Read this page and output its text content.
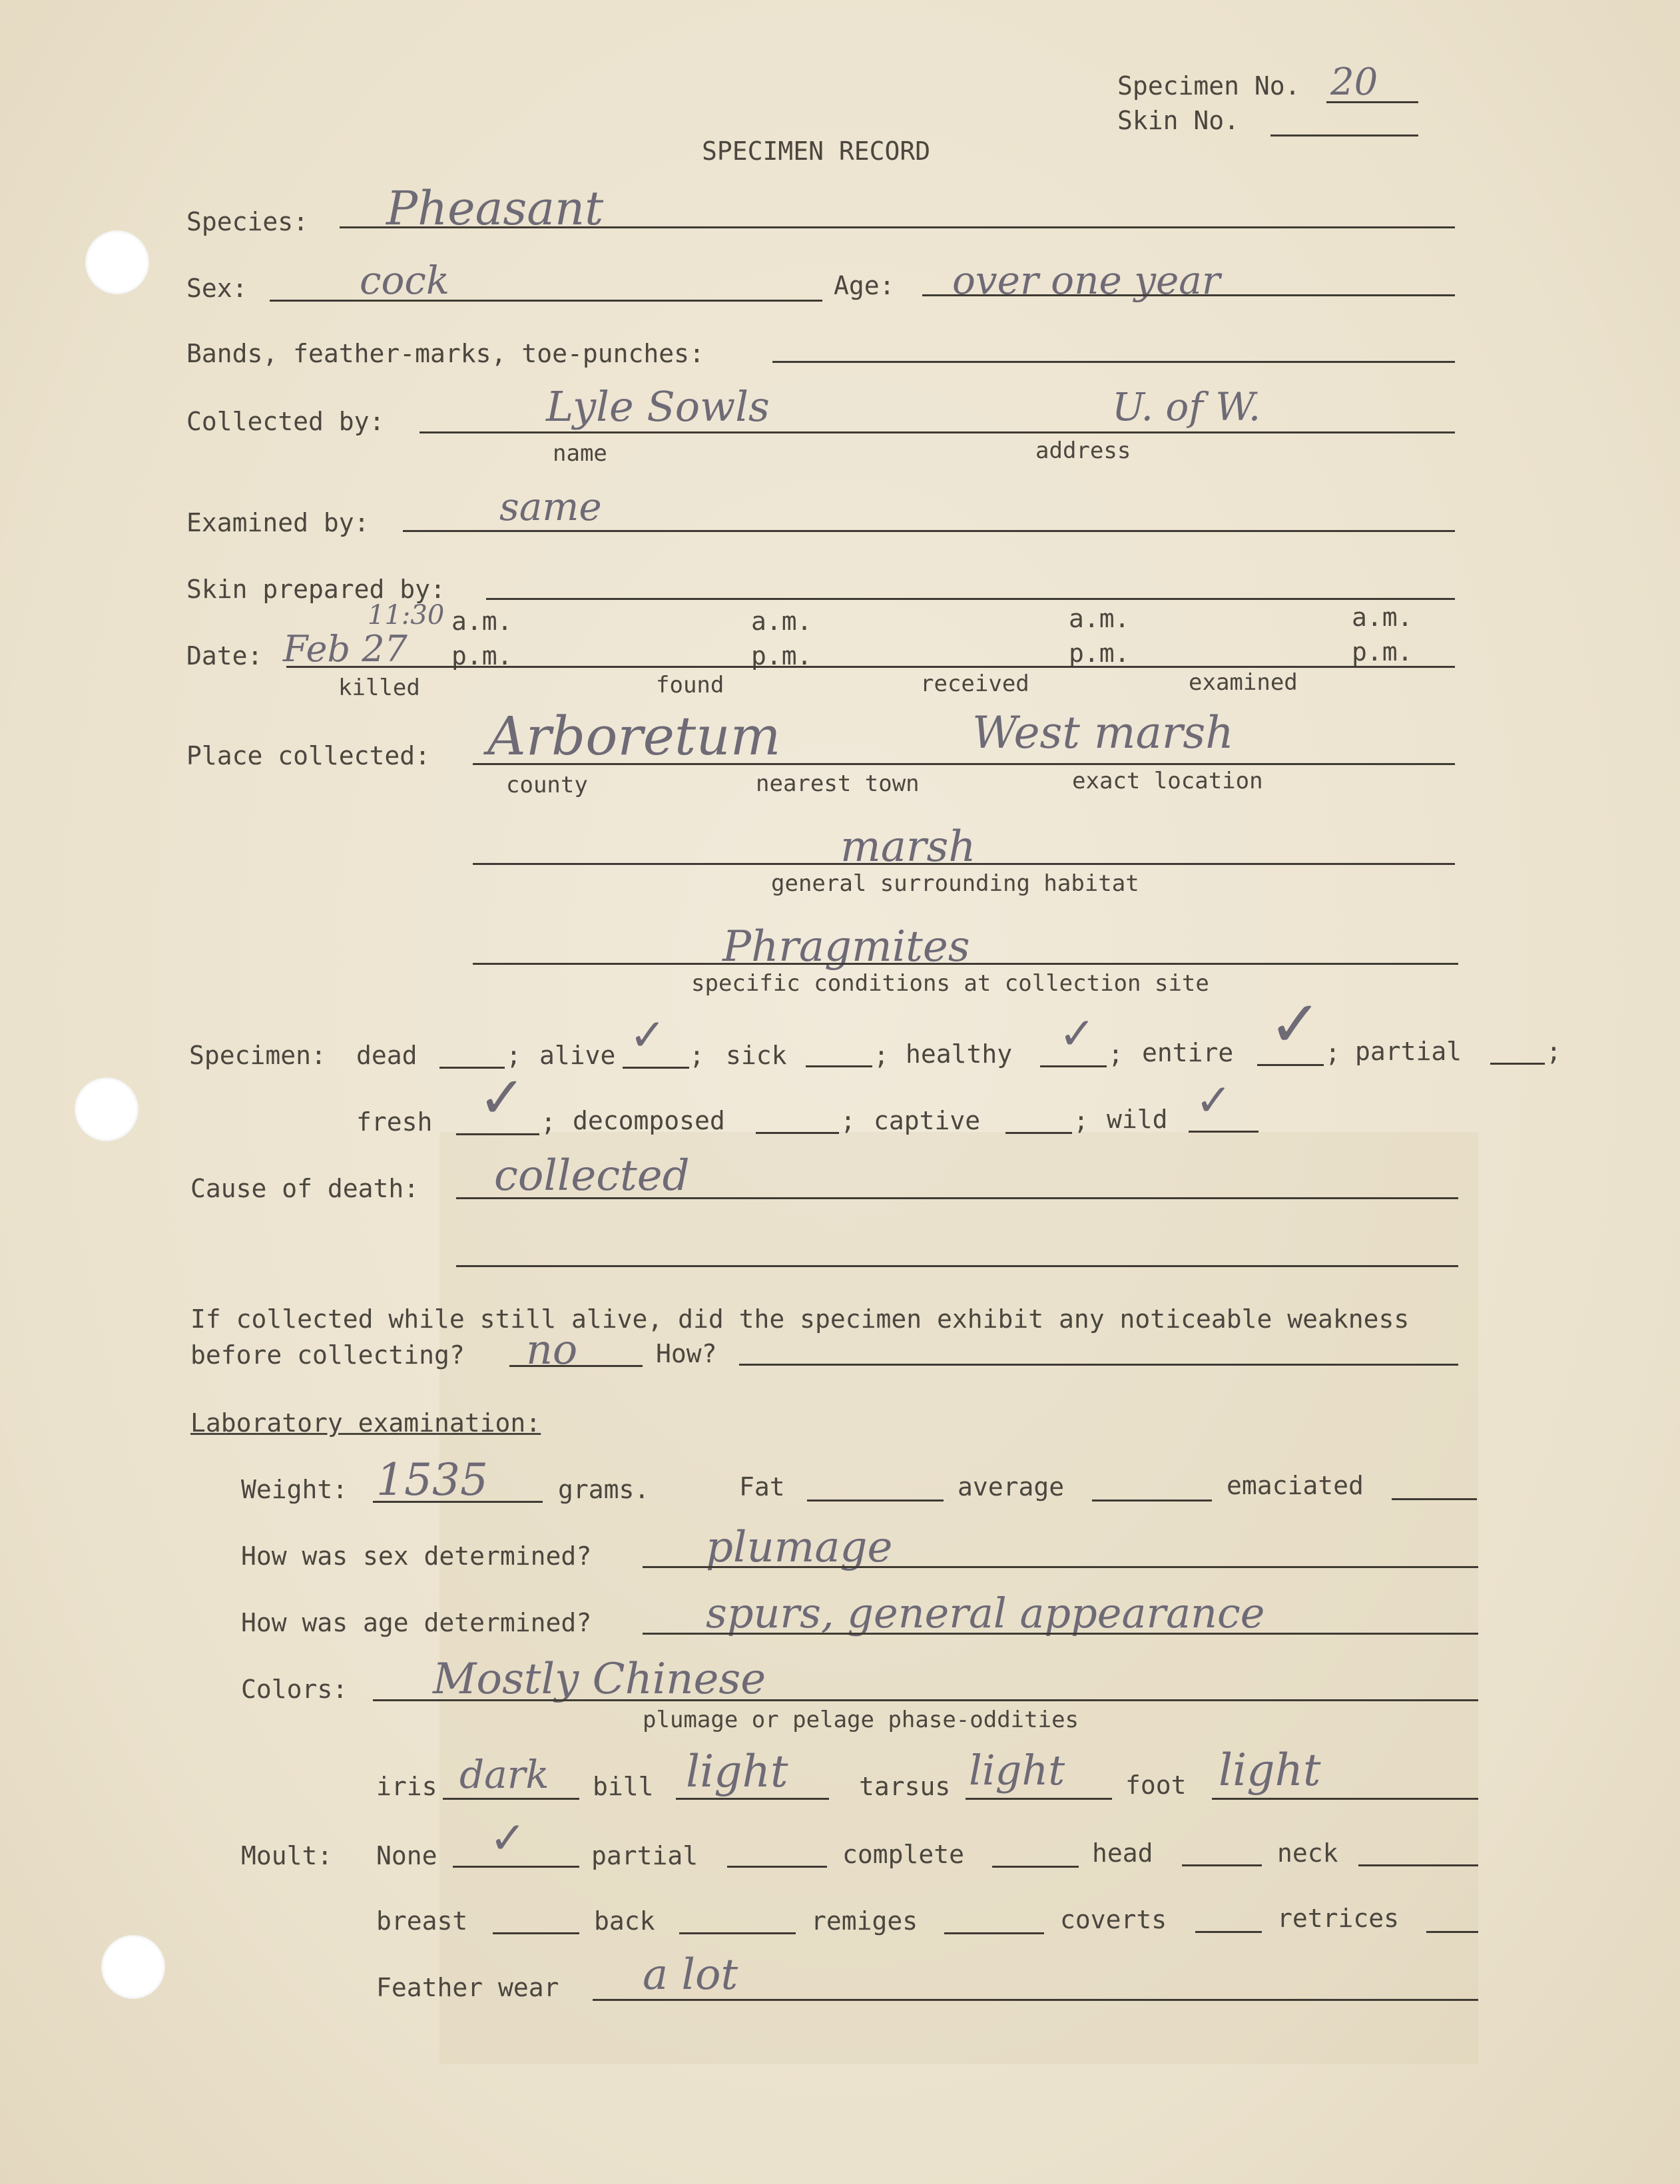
Specimen No. 20
Skin No.
SPECIMEN RECORD
Species: Pheasant
Sex:	cock	Age: over one year
Bands, feather-marks, toe-punches:
Collected by:	Lyle Sowls	U. of W.
name	address
Examined by:	same
Skin prepared by:
11:30 a.m.	a.m.	a.m.	a.m.
Date: Feb 27 p.m.	p.m.	p.m.	p.m.
killed	found	received	examined
Place collected: Arboretum	West marsh
county	nearest town	exact location
marsh
general surrounding habitat
Phragmites
specific conditions at collection site
Specimen: dead	; alive ✓ ; sick	; healthy ✓ ; entire ✓ ; partial	;
fresh ✓ ; decomposed	; captive	; wild ✓
Cause of death: collected
If collected while still alive, did the specimen exhibit any noticeable weakness
before collecting? no	How?
Laboratory examination:
Weight: 1535	grams.	Fat	average	emaciated
How was sex determined?	plumage
How was age determined?	spurs, general appearance
Colors: Mostly Chinese
plumage or pelage phase-oddities
iris dark bill light	tarsus light foot light
Moult: None ✓	partial	complete	head	neck
breast	back	remiges	coverts	retrices
Feather wear a lot
